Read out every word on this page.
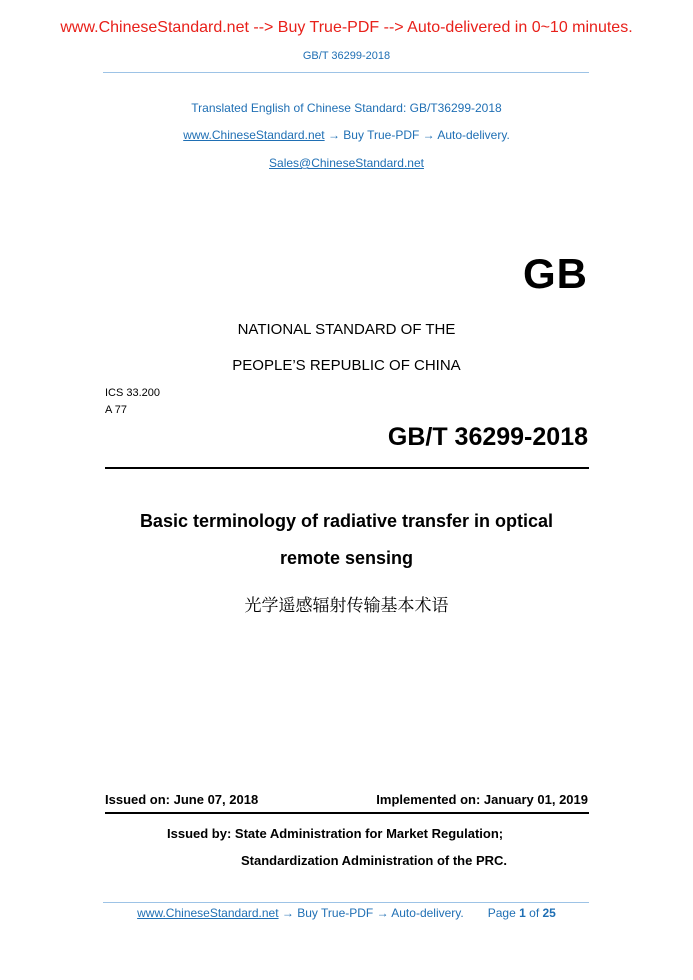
www.ChineseStandard.net --> Buy True-PDF --> Auto-delivered in 0~10 minutes.
GB/T 36299-2018
Translated English of Chinese Standard: GB/T36299-2018
www.ChineseStandard.net → Buy True-PDF → Auto-delivery.
Sales@ChineseStandard.net
GB
NATIONAL STANDARD OF THE
PEOPLE’S REPUBLIC OF CHINA
ICS 33.200
A 77
GB/T 36299-2018
Basic terminology of radiative transfer in optical
remote sensing
光学遥感辐射传输基本术语
Issued on: June 07, 2018	Implemented on: January 01, 2019
Issued by: State Administration for Market Regulation;
Standardization Administration of the PRC.
www.ChineseStandard.net → Buy True-PDF → Auto-delivery. Page 1 of 25
